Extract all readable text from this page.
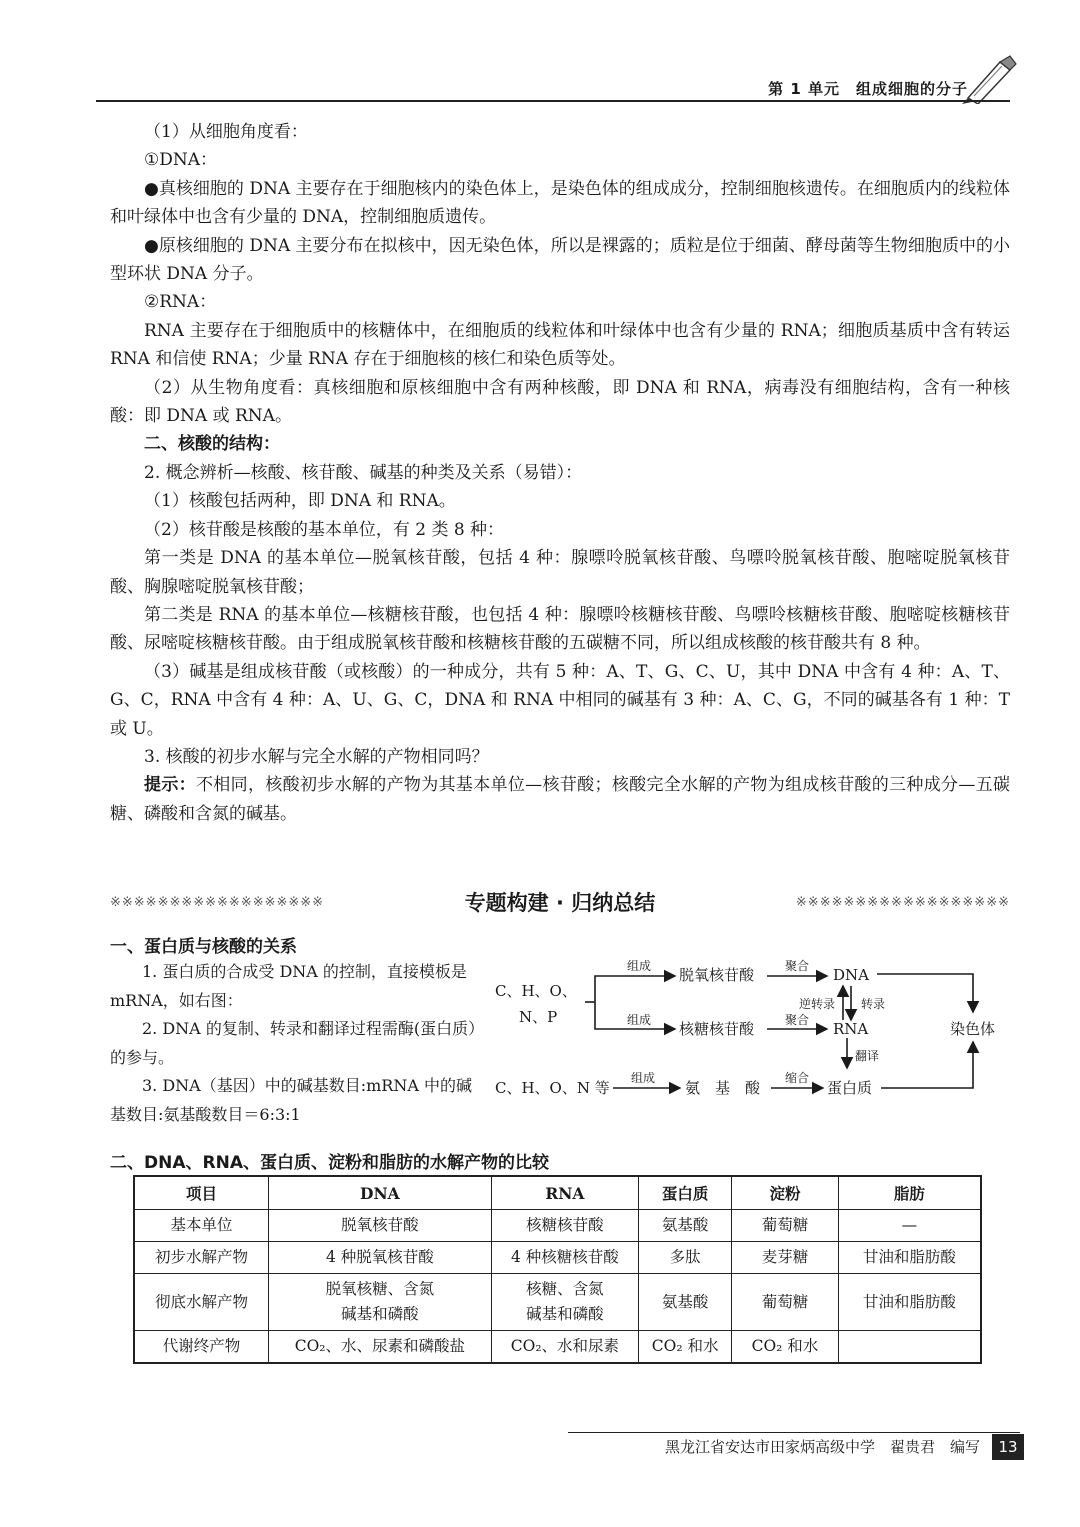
第 1 单元　组成细胞的分子

（1）从细胞角度看：

①DNA：

●真核细胞的 DNA 主要存在于细胞核内的染色体上，是染色体的组成成分，控制细胞核遗传。在细胞质内的线粒体和叶绿体中也含有少量的 DNA，控制细胞质遗传。

●原核细胞的 DNA 主要分布在拟核中，因无染色体，所以是裸露的；质粒是位于细菌、酵母菌等生物细胞质中的小型环状 DNA 分子。

②RNA：

RNA 主要存在于细胞质中的核糖体中，在细胞质的线粒体和叶绿体中也含有少量的 RNA；细胞质基质中含有转运 RNA 和信使 RNA；少量 RNA 存在于细胞核的核仁和染色质等处。

（2）从生物角度看：真核细胞和原核细胞中含有两种核酸，即 DNA 和 RNA，病毒没有细胞结构，含有一种核酸：即 DNA 或 RNA。

二、核酸的结构：

2. 概念辨析—核酸、核苷酸、碱基的种类及关系（易错）：

（1）核酸包括两种，即 DNA 和 RNA。

（2）核苷酸是核酸的基本单位，有 2 类 8 种：

第一类是 DNA 的基本单位—脱氧核苷酸，包括 4 种：腺嘌呤脱氧核苷酸、鸟嘌呤脱氧核苷酸、胞嘧啶脱氧核苷酸、胸腺嘧啶脱氧核苷酸；

第二类是 RNA 的基本单位—核糖核苷酸，也包括 4 种：腺嘌呤核糖核苷酸、鸟嘌呤核糖核苷酸、胞嘧啶核糖核苷酸、尿嘧啶核糖核苷酸。由于组成脱氧核苷酸和核糖核苷酸的五碳糖不同，所以组成核酸的核苷酸共有 8 种。

（3）碱基是组成核苷酸（或核酸）的一种成分，共有 5 种：A、T、G、C、U，其中 DNA 中含有 4 种：A、T、G、C，RNA 中含有 4 种：A、U、G、C，DNA 和 RNA 中相同的碱基有 3 种：A、C、G，不同的碱基各有 1 种：T 或 U。

3. 核酸的初步水解与完全水解的产物相同吗？

提示：不相同，核酸初步水解的产物为其基本单位—核苷酸；核酸完全水解的产物为组成核苷酸的三种成分—五碳糖、磷酸和含氮的碱基。

※※※※※※※※※※※※※※※※※※	专题构建 · 归纳总结	※※※※※※※※※※※※※※※※※※
一、蛋白质与核酸的关系

1. 蛋白质的合成受 DNA 的控制，直接模板是 mRNA，如右图：

2. DNA 的复制、转录和翻译过程需酶(蛋白质）的参与。

3. DNA（基因）中的碱基数目:mRNA 中的碱基数目:氨基酸数目＝6:3:1

C、H、O、
N、P
组成
组成
脱氧核苷酸
核糖核苷酸
聚合
聚合
DNA
RNA
逆转录 转录
翻译
染色体
C、H、O、N 等
组成
氨　基　酸
缩合
蛋白质
二、DNA、RNA、蛋白质、淀粉和脂肪的水解产物的比较
项目	DNA	RNA	蛋白质	淀粉	脂肪
基本单位	脱氧核苷酸	核糖核苷酸	氨基酸	葡萄糖	—
初步水解产物	4 种脱氧核苷酸	4 种核糖核苷酸	多肽	麦芽糖	甘油和脂肪酸
彻底水解产物	脱氧核糖、含氮
碱基和磷酸	核糖、含氮
碱基和磷酸	氨基酸	葡萄糖	甘油和脂肪酸
代谢终产物	CO₂、水、尿素和磷酸盐	CO₂、水和尿素	CO₂ 和水	CO₂ 和水	
黑龙江省安达市田家炳高级中学　翟贵君　编写	13
